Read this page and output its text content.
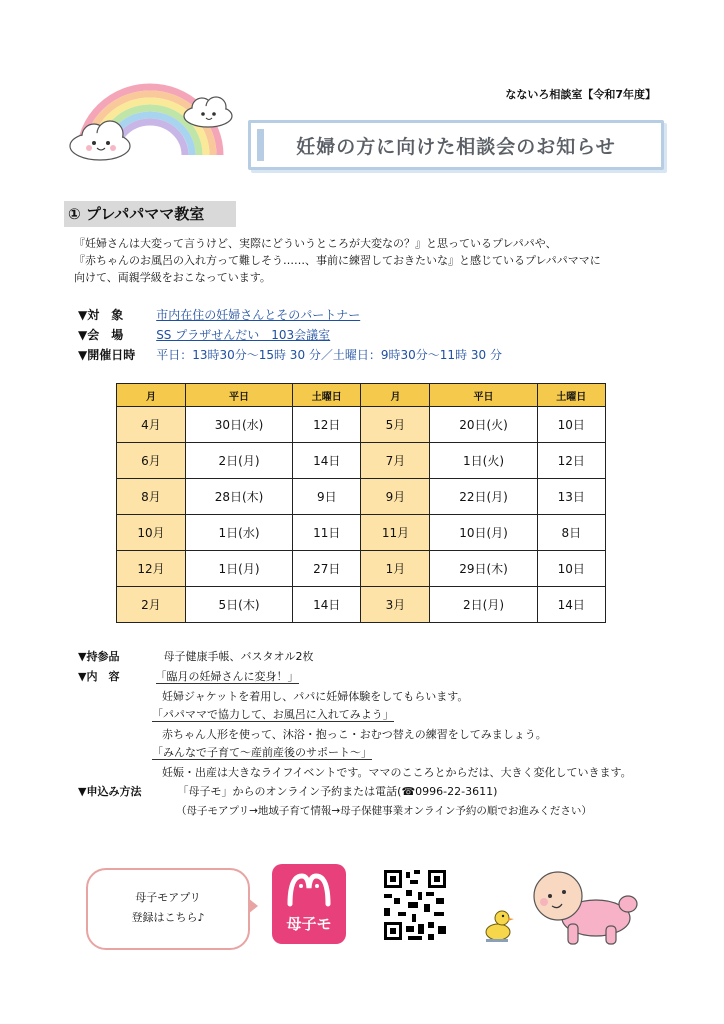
なないろ相談室【令和7年度】
妊婦の方に向けた相談会のお知らせ
① プレパパママ教室
『妊婦さんは大変って言うけど、実際にどういうところが大変なの？』と思っているプレパパや、
『赤ちゃんのお風呂の入れ方って難しそう……、事前に練習しておきたいな』と感じているプレパパママに
向けて、両親学級をおこなっています。
▼対　象	市内在住の妊婦さんとそのパートナー
▼会　場	SS プラザせんだい　103会議室
▼開催日時 平日：13時30分～15時 30 分／土曜日：9時30分～11時 30 分
月	平日	土曜日	月	平日	土曜日
4月	30日(水)	12日	5月	20日(火)	10日
6月	2日(月)	14日	7月	1日(火)	12日
8月	28日(木)	9日	9月	22日(月)	13日
10月	1日(水)	11日	11月	10日(月)	8日
12月	1日(月)	27日	1月	29日(木)	10日
2月	5日(木)	14日	3月	2日(月)	14日
▼持参品	母子健康手帳、バスタオル2枚
▼内　容	「臨月の妊婦さんに変身！」
妊婦ジャケットを着用し、パパに妊婦体験をしてもらいます。
「パパママで協力して、お風呂に入れてみよう」
赤ちゃん人形を使って、沐浴・抱っこ・おむつ替えの練習をしてみましょう。
「みんなで子育て～産前産後のサポート～」
妊娠・出産は大きなライフイベントです。ママのこころとからだは、大きく変化していきます。
▼申込み方法	「母子モ」からのオンライン予約または電話(☎0996-22-3611)
（母子モアプリ→地域子育て情報→母子保健事業オンライン予約の順でお進みください）
母子モアプリ
登録はこちら♪	母子モ
